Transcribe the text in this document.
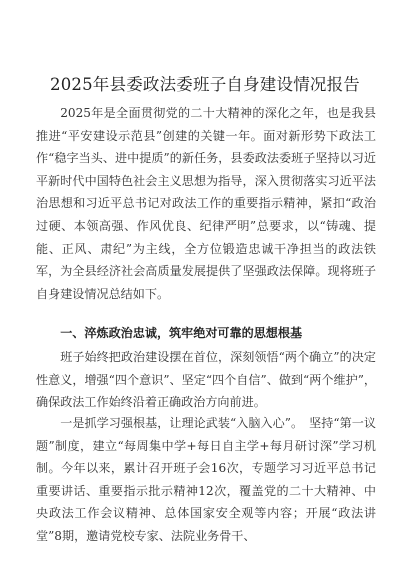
2025年县委政法委班子自身建设情况报告

2025年是全面贯彻党的二十大精神的深化之年，也是我县推进“平安建设示范县”创建的关键一年。面对新形势下政法工作“稳字当头、进中提质”的新任务，县委政法委班子坚持以习近平新时代中国特色社会主义思想为指导，深入贯彻落实习近平法治思想和习近平总书记对政法工作的重要指示精神，紧扣“政治过硬、本领高强、作风优良、纪律严明”总要求，以“铸魂、提能、正风、肃纪”为主线，全方位锻造忠诚干净担当的政法铁军，为全县经济社会高质量发展提供了坚强政法保障。现将班子自身建设情况总结如下。

一、淬炼政治忠诚，筑牢绝对可靠的思想根基

班子始终把政治建设摆在首位，深刻领悟“两个确立”的决定性意义，增强“四个意识”、坚定“四个自信”、做到“两个维护”，确保政法工作始终沿着正确政治方向前进。

一是抓学习强根基，让理论武装“入脑入心”。　坚持“第一议题”制度，建立“每周集中学+每日自主学+每月研讨深”学习机制。今年以来，累计召开班子会16次，专题学习习近平总书记重要讲话、重要指示批示精神12次，覆盖党的二十大精神、中央政法工作会议精神、总体国家安全观等内容；开展“政法讲堂”8期，邀请党校专家、法院业务骨干、
